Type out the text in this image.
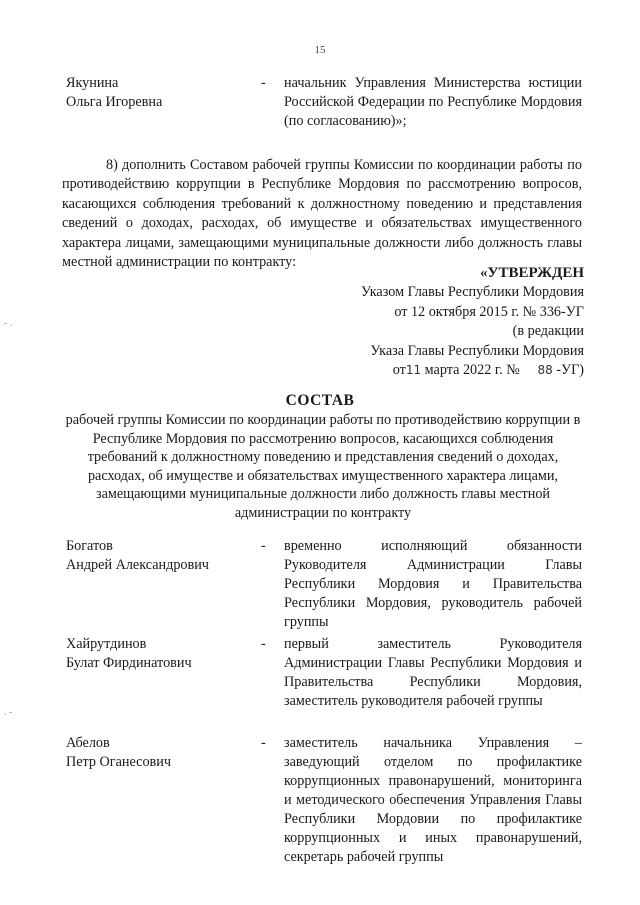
15
Якунина
Ольга Игоревна
- начальник Управления Министерства юстиции Российской Федерации по Республике Мордовия (по согласованию)»;
8) дополнить Составом рабочей группы Комиссии по координации работы по противодействию коррупции в Республике Мордовия по рассмотрению вопросов, касающихся соблюдения требований к должностному поведению и представления сведений о доходах, расходах, об имуществе и обязательствах имущественного характера лицами, замещающими муниципальные должности либо должность главы местной администрации по контракту:
«УТВЕРЖДЕН
Указом Главы Республики Мордовия
от 12 октября 2015 г. № 336-УГ
(в редакции
Указа Главы Республики Мордовия
от11 марта 2022 г. № 88 -УГ)
СОСТАВ
рабочей группы Комиссии по координации работы по противодействию коррупции в Республике Мордовия по рассмотрению вопросов, касающихся соблюдения требований к должностному поведению и представления сведений о доходах, расходах, об имуществе и обязательствах имущественного характера лицами, замещающими муниципальные должности либо должность главы местной администрации по контракту
Богатов
Андрей Александрович
- временно исполняющий обязанности Руководителя Администрации Главы Республики Мордовия и Правительства Республики Мордовия, руководитель рабочей группы
Хайрутдинов
Булат Фирдинатович
- первый заместитель Руководителя Администрации Главы Республики Мордовия и Правительства Республики Мордовия, заместитель руководителя рабочей группы
Абелов
Петр Оганесович
- заместитель начальника Управления – заведующий отделом по профилактике коррупционных правонарушений, мониторинга и методического обеспечения Управления Главы Республики Мордовии по профилактике коррупционных и иных правонарушений, секретарь рабочей группы
- .
. -
